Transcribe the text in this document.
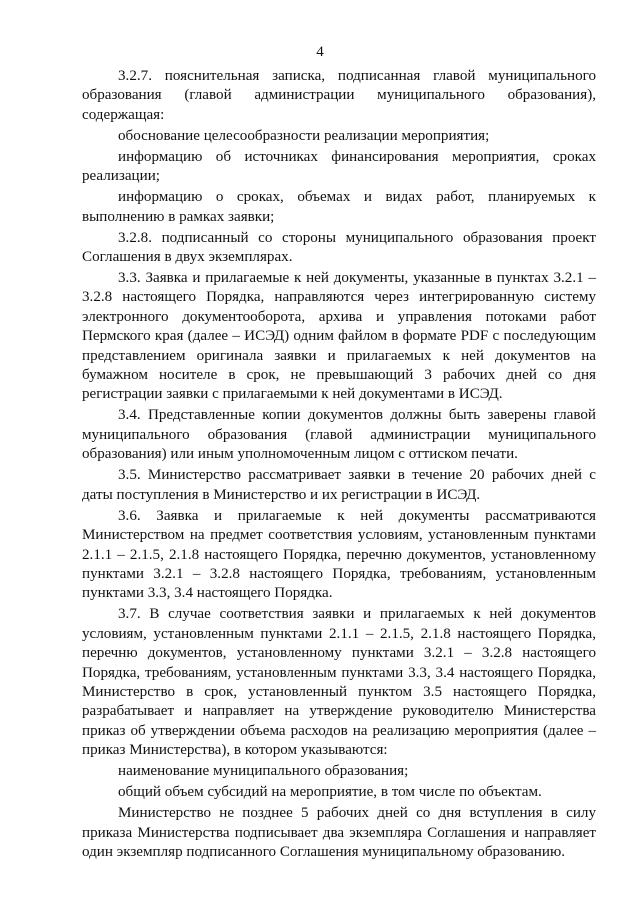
4

3.2.7. пояснительная записка, подписанная главой муниципального образования (главой администрации муниципального образования), содержащая:

обоснование целесообразности реализации мероприятия;

информацию об источниках финансирования мероприятия, сроках реализации;

информацию о сроках, объемах и видах работ, планируемых к выполнению в рамках заявки;

3.2.8. подписанный со стороны муниципального образования проект Соглашения в двух экземплярах.

3.3. Заявка и прилагаемые к ней документы, указанные в пунктах 3.2.1 – 3.2.8 настоящего Порядка, направляются через интегрированную систему электронного документооборота, архива и управления потоками работ Пермского края (далее – ИСЭД) одним файлом в формате PDF с последующим представлением оригинала заявки и прилагаемых к ней документов на бумажном носителе в срок, не превышающий 3 рабочих дней со дня регистрации заявки с прилагаемыми к ней документами в ИСЭД.

3.4. Представленные копии документов должны быть заверены главой муниципального образования (главой администрации муниципального образования) или иным уполномоченным лицом с оттиском печати.

3.5. Министерство рассматривает заявки в течение 20 рабочих дней с даты поступления в Министерство и их регистрации в ИСЭД.

3.6. Заявка и прилагаемые к ней документы рассматриваются Министерством на предмет соответствия условиям, установленным пунктами 2.1.1 – 2.1.5, 2.1.8 настоящего Порядка, перечню документов, установленному пунктами 3.2.1 – 3.2.8 настоящего Порядка, требованиям, установленным пунктами 3.3, 3.4 настоящего Порядка.

3.7. В случае соответствия заявки и прилагаемых к ней документов условиям, установленным пунктами 2.1.1 – 2.1.5, 2.1.8 настоящего Порядка, перечню документов, установленному пунктами 3.2.1 – 3.2.8 настоящего Порядка, требованиям, установленным пунктами 3.3, 3.4 настоящего Порядка, Министерство в срок, установленный пунктом 3.5 настоящего Порядка, разрабатывает и направляет на утверждение руководителю Министерства приказ об утверждении объема расходов на реализацию мероприятия (далее – приказ Министерства), в котором указываются:

наименование муниципального образования;

общий объем субсидий на мероприятие, в том числе по объектам.

Министерство не позднее 5 рабочих дней со дня вступления в силу приказа Министерства подписывает два экземпляра Соглашения и направляет один экземпляр подписанного Соглашения муниципальному образованию.
